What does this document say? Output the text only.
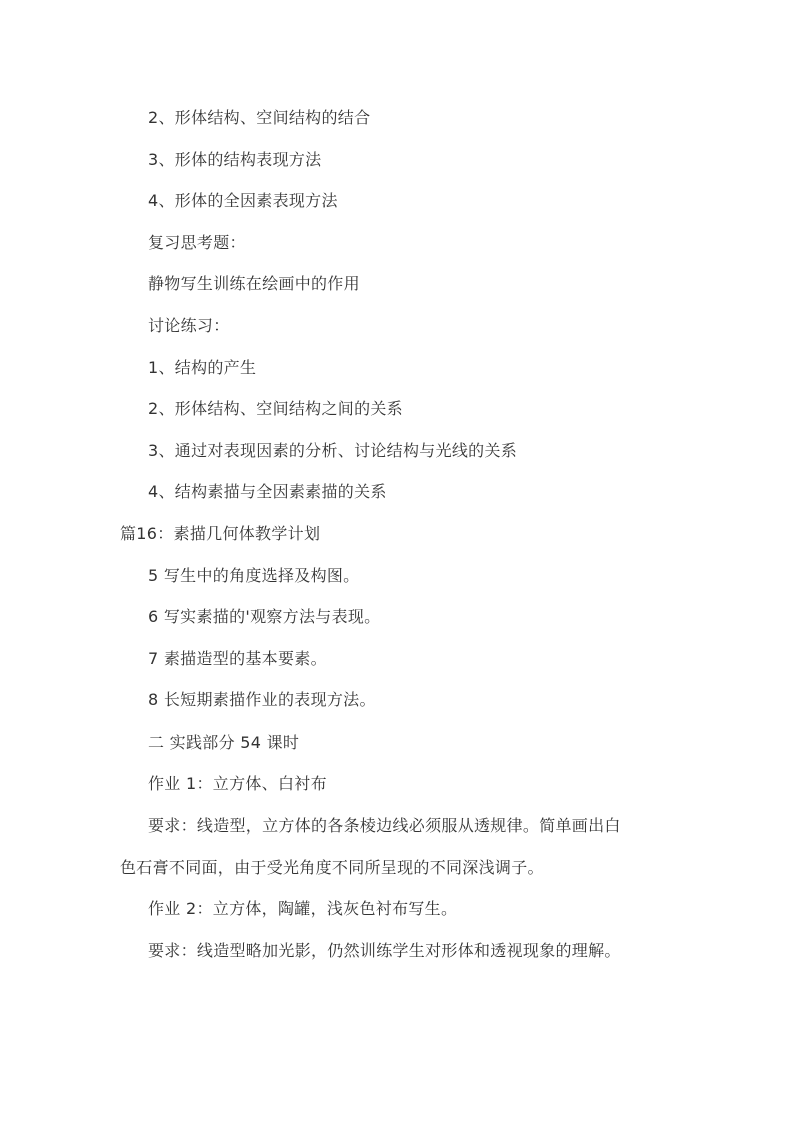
2、形体结构、空间结构的结合
3、形体的结构表现方法
4、形体的全因素表现方法
复习思考题：
静物写生训练在绘画中的作用
讨论练习：
1、结构的产生
2、形体结构、空间结构之间的关系
3、通过对表现因素的分析、讨论结构与光线的关系
4、结构素描与全因素素描的关系
篇16：素描几何体教学计划
5 写生中的角度选择及构图。
6 写实素描的'观察方法与表现。
7 素描造型的基本要素。
8 长短期素描作业的表现方法。
二 实践部分 54 课时
作业 1：立方体、白衬布
要求：线造型，立方体的各条棱边线必须服从透规律。简单画出白
色石膏不同面，由于受光角度不同所呈现的不同深浅调子。
作业 2：立方体，陶罐，浅灰色衬布写生。
要求：线造型略加光影，仍然训练学生对形体和透视现象的理解。
